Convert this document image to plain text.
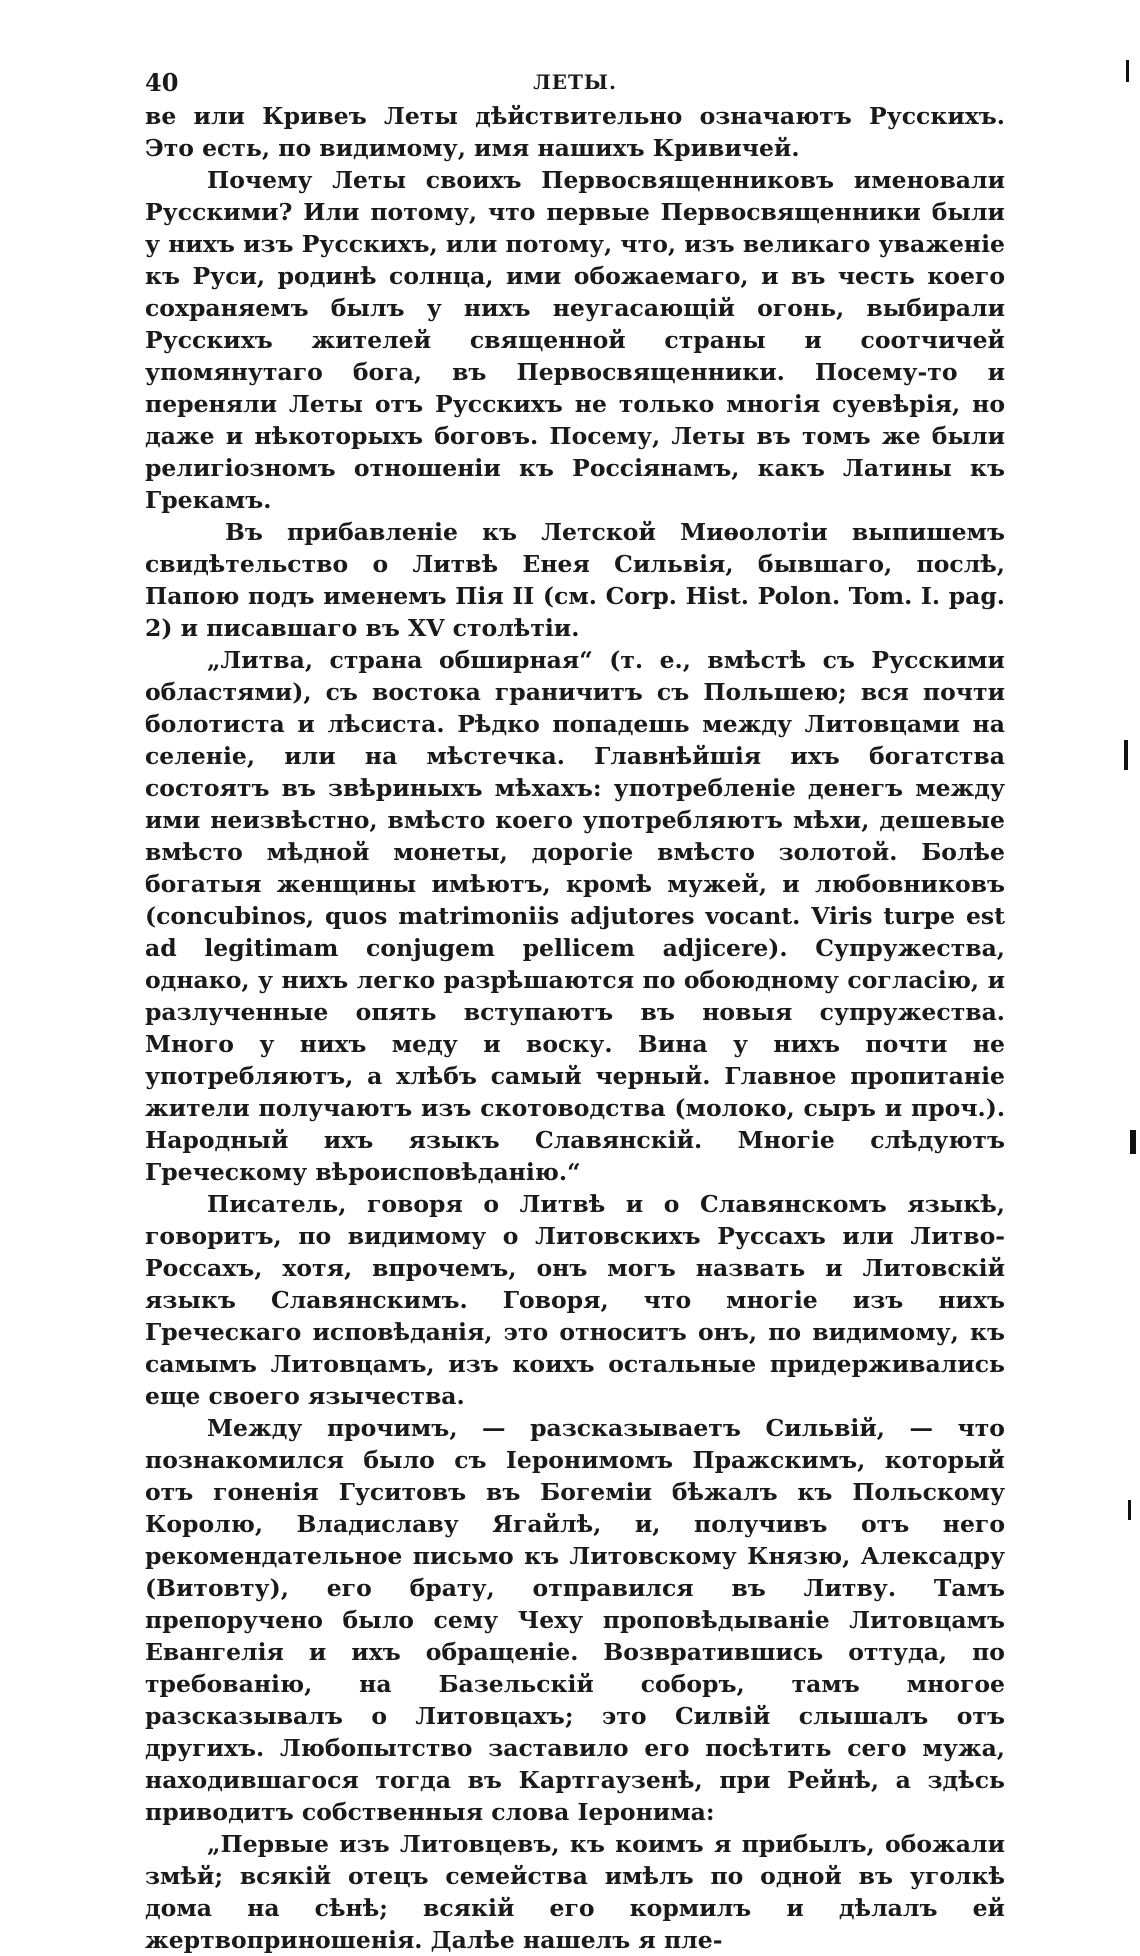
40	ЛЕТЫ.

ве или Кривеъ Леты дѣйствительно означаютъ Русскихъ. Это есть, по видимому, имя нашихъ Кривичей.

Почему Леты своихъ Первосвященниковъ именовали Русскими? Или потому, что первые Первосвященники были у нихъ изъ Русскихъ, или потому, что, изъ великаго уваженіе къ Руси, родинѣ солнца, ими обожаемаго, и въ честь коего сохраняемъ былъ у нихъ неугасающій огонь, выбирали Русскихъ жителей священной страны и соотчичей упомянутаго бога, въ Первосвященники. Посему-то и переняли Леты отъ Русскихъ не только многія суевѣрія, но даже и нѣкоторыхъ боговъ. Посему, Леты въ томъ же были религіозномъ отношеніи къ Россіянамъ, какъ Латины къ Грекамъ.

Въ прибавленіе къ Летской Миѳолотіи выпишемъ свидѣтельство о Литвѣ Енея Сильвія, бывшаго, послѣ, Папою подъ именемъ Пія II (см. Corp. Hist. Polon. Tom. I. pag. 2) и писавшаго въ XV столѣтіи.

„Литва, страна обширная“ (т. е., вмѣстѣ съ Русскими областями), съ востока граничитъ съ Польшею; вся почти болотиста и лѣсиста. Рѣдко попадешь между Литовцами на селеніе, или на мѣстечка. Главнѣйшія ихъ богатства состоятъ въ звѣриныхъ мѣхахъ: употребленіе денегъ между ими неизвѣстно, вмѣсто коего употребляютъ мѣхи, дешевые вмѣсто мѣдной монеты, дорогіе вмѣсто золотой. Болѣе богатыя женщины имѣютъ, кромѣ мужей, и любовниковъ (concubinos, quos matrimoniis adjutores vocant. Viris turpe est ad legitimam conjugem pellicem adjicere). Супружества, однако, у нихъ легко разрѣшаются по обоюдному согласію, и разлученные опять вступаютъ въ новыя супружества. Много у нихъ меду и воску. Вина у нихъ почти не употребляютъ, а хлѣбъ самый черный. Главное пропитаніе жители получаютъ изъ скотоводства (молоко, сыръ и проч.). Народный ихъ языкъ Славянскій. Многіе слѣдуютъ Греческому вѣроисповѣданію.“

Писатель, говоря о Литвѣ и о Славянскомъ языкѣ, говоритъ, по видимому о Литовскихъ Руссахъ или Литво-Россахъ, хотя, впрочемъ, онъ могъ назвать и Литовскій языкъ Славянскимъ. Говоря, что многіе изъ нихъ Греческаго исповѣданія, это относитъ онъ, по видимому, къ самымъ Литовцамъ, изъ коихъ остальные придерживались еще своего язычества.

Между прочимъ, — разсказываетъ Сильвій, — что познакомился было съ Іеронимомъ Пражскимъ, который отъ гоненія Гуситовъ въ Богеміи бѣжалъ къ Польскому Королю, Владиславу Ягайлѣ, и, получивъ отъ него рекомендательное письмо къ Литовскому Князю, Алексадру (Витовту), его брату, отправился въ Литву. Тамъ препоручено было сему Чеху проповѣдываніе Литовцамъ Евангелія и ихъ обращеніе. Возвратившись оттуда, по требованію, на Базельскій соборъ, тамъ многое разсказывалъ о Литовцахъ; это Силвій слышалъ отъ другихъ. Любопытство заставило его посѣтить сего мужа, находившагося тогда въ Картгаузенѣ, при Рейнѣ, а здѣсь приводитъ собственныя слова Іеронима:

„Первые изъ Литовцевъ, къ коимъ я прибылъ, обожали змѣй; всякій отецъ семейства имѣлъ по одной въ уголкѣ дома на сѣнѣ; всякій его кормилъ и дѣлалъ ей жертвоприношенія. Далѣе нашелъ я пле-
